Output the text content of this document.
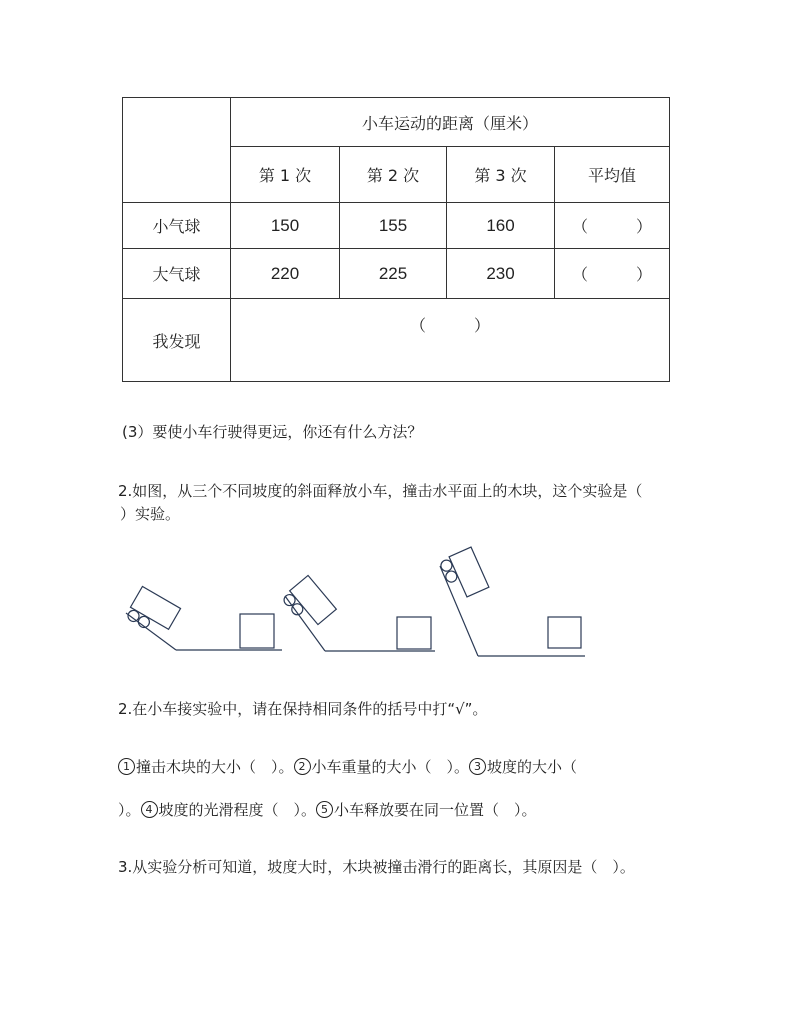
	小车运动的距离（厘米）			
	第 1 次	第 2 次	第 3 次	平均值
小气球	150	155	160	（　　　）
大气球	220	225	230	（　　　）
我发现	（　　　）			
(3）要使小车行驶得更远，你还有什么方法？
2.如图，从三个不同坡度的斜面释放小车，撞击水平面上的木块，这个实验是（
）实验。
2.在小车接实验中，请在保持相同条件的括号中打“√”。
1 撞击木块的大小（　）。 2 小车重量的大小（　）。 3 坡度的大小（
）。 4 坡度的光滑程度（　）。 5 小车释放要在同一位置（　）。
3.从实验分析可知道，坡度大时，木块被撞击滑行的距离长，其原因是（　）。
